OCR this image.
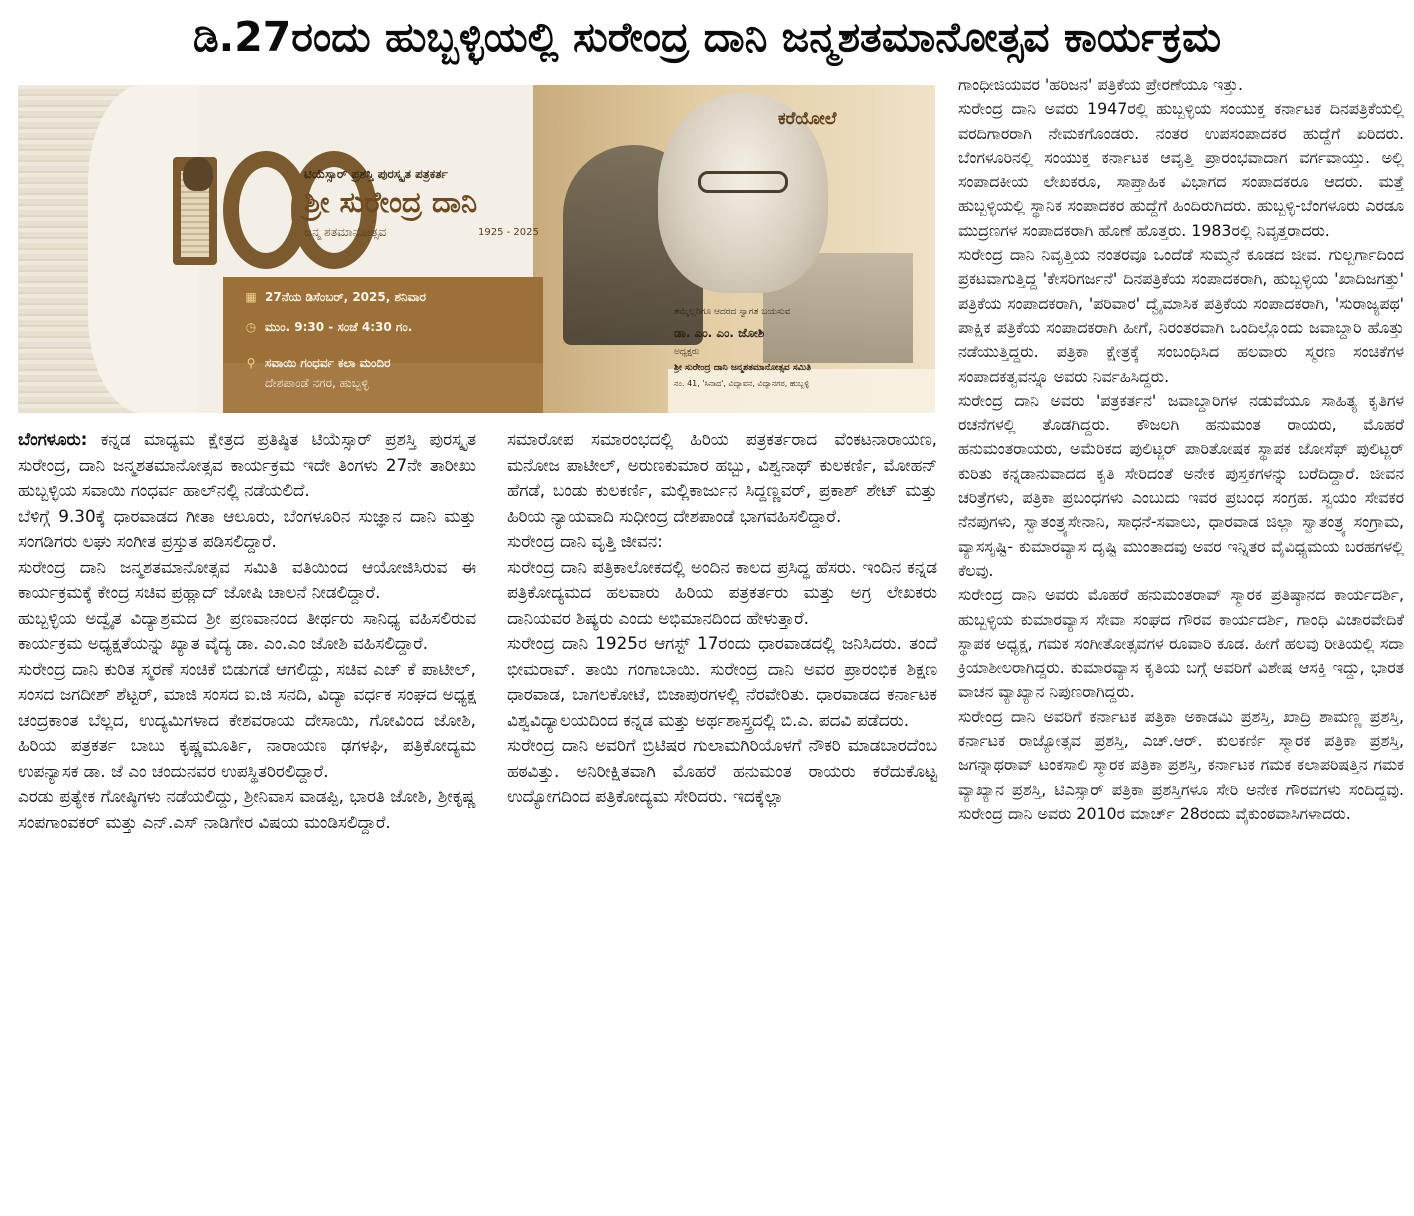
ಡಿ.27ರಂದು ಹುಬ್ಬಳ್ಳಿಯಲ್ಲಿ ಸುರೇಂದ್ರ ದಾನಿ ಜನ್ಮಶತಮಾನೋತ್ಸವ ಕಾರ್ಯಕ್ರಮ
ಟಿಯೆಸ್ಸಾರ್ ಪ್ರಶಸ್ತಿ ಪುರಸ್ಕೃತ ಪತ್ರಕರ್ತ
ಶ್ರೀ ಸುರೇಂದ್ರ ದಾನಿ
ಜನ್ಮ ಶತಮಾನೋತ್ಸವ	1925 - 2025
▦ 27ನೆಯ ಡಿಸೆಂಬರ್, 2025, ಶನಿವಾರ
◷ ಮುಂ. 9:30 - ಸಂಜೆ 4:30 ಗಂ.
⚲ ಸವಾಯಿ ಗಂಧರ್ವ ಕಲಾ ಮಂದಿರ
ದೇಶಪಾಂಡೆ ನಗರ, ಹುಬ್ಬಳ್ಳಿ
ಕರೆಯೋಲೆ
ತಮ್ಮೆಲ್ಲರಿಗೂ ಆದರದ ಸ್ವಾಗತ ಬಯಸುವ
ಡಾ. ಎಂ. ಎಂ. ಜೋಶಿ
ಅಧ್ಯಕ್ಷರು
ಶ್ರೀ ಸುರೇಂದ್ರ ದಾನಿ ಜನ್ಮಶತಮಾನೋತ್ಸವ ಸಮಿತಿ
ನಂ. 41, 'ಸಿನಾದ', ವಿದ್ಯಾವನ, ವಿದ್ಯಾನಗರ, ಹುಬ್ಬಳ್ಳಿ

ಬೆಂಗಳೂರು: ಕನ್ನಡ ಮಾಧ್ಯಮ ಕ್ಷೇತ್ರದ ಪ್ರತಿಷ್ಠಿತ ಟಿಯೆಸ್ಸಾರ್ ಪ್ರಶಸ್ತಿ ಪುರಸ್ಕೃತ ಸುರೇಂದ್ರ, ದಾನಿ ಜನ್ಮಶತಮಾನೋತ್ಸವ ಕಾರ್ಯಕ್ರಮ ಇದೇ ತಿಂಗಳು 27ನೇ ತಾರೀಖು ಹುಬ್ಬಳ್ಳಿಯ ಸವಾಯಿ ಗಂಧರ್ವ ಹಾಲ್‌ನಲ್ಲಿ ನಡೆಯಲಿದೆ.

ಬೆಳಿಗ್ಗೆ 9.30ಕ್ಕೆ ಧಾರವಾಡದ ಗೀತಾ ಆಲೂರು, ಬೆಂಗಳೂರಿನ ಸುಜ್ಞಾನ ದಾನಿ ಮತ್ತು ಸಂಗಡಿಗರು ಲಘು ಸಂಗೀತ ಪ್ರಸ್ತುತ ಪಡಿಸಲಿದ್ದಾರೆ.

ಸುರೇಂದ್ರ ದಾನಿ ಜನ್ಮಶತಮಾನೋತ್ಸವ ಸಮಿತಿ ವತಿಯಿಂದ ಆಯೋಜಿಸಿರುವ ಈ ಕಾರ್ಯಕ್ರಮಕ್ಕೆ ಕೇಂದ್ರ ಸಚಿವ ಪ್ರಹ್ಲಾದ್ ಜೋಷಿ ಚಾಲನೆ ನೀಡಲಿದ್ದಾರೆ.

ಹುಬ್ಬಳ್ಳಿಯ ಅದ್ವೈತ ವಿದ್ಯಾಶ್ರಮದ ಶ್ರೀ ಪ್ರಣವಾನಂದ ತೀರ್ಥರು ಸಾನಿಧ್ಯ ವಹಿಸಲಿರುವ ಕಾರ್ಯಕ್ರಮ ಅಧ್ಯಕ್ಷತೆಯನ್ನು ಖ್ಯಾತ ವೈದ್ಯ ಡಾ. ಎಂ.ಎಂ ಜೋಶಿ ವಹಿಸಲಿದ್ದಾರೆ.

ಸುರೇಂದ್ರ ದಾನಿ ಕುರಿತ ಸ್ಮರಣೆ ಸಂಚಿಕೆ ಬಿಡುಗಡೆ ಆಗಲಿದ್ದು, ಸಚಿವ ಎಚ್ ಕೆ ಪಾಟೀಲ್, ಸಂಸದ ಜಗದೀಶ್ ಶೆಟ್ಟರ್, ಮಾಜಿ ಸಂಸದ ಐ.ಜಿ ಸನದಿ, ವಿದ್ಯಾ ವರ್ಧಕ ಸಂಘದ ಅಧ್ಯಕ್ಷ ಚಂದ್ರಕಾಂತ ಬೆಲ್ಲದ, ಉದ್ಯಮಿಗಳಾದ ಕೇಶವರಾಯ ದೇಸಾಯಿ, ಗೋವಿಂದ ಜೋಶಿ, ಹಿರಿಯ ಪತ್ರಕರ್ತ ಬಾಬು ಕೃಷ್ಣಮೂರ್ತಿ, ನಾರಾಯಣ ಢಗಳಘಿ, ಪತ್ರಿಕೋದ್ಯಮ ಉಪನ್ಯಾಸಕ ಡಾ. ಜೆ ಎಂ ಚಂದುನವರ ಉಪಸ್ಥಿತರಿರಲಿದ್ದಾರೆ.

ಎರಡು ಪ್ರತ್ಯೇಕ ಗೋಷ್ಠಿಗಳು ನಡೆಯಲಿದ್ದು, ಶ್ರೀನಿವಾಸ ವಾಡಪ್ಪಿ, ಭಾರತಿ ಜೋಶಿ, ಶ್ರೀಕೃಷ್ಣ ಸಂಪಗಾಂವಕರ್ ಮತ್ತು ಎನ್.ಎಸ್ ನಾಡಿಗೇರ ವಿಷಯ ಮಂಡಿಸಲಿದ್ದಾರೆ.

ಸಮಾರೋಪ ಸಮಾರಂಭದಲ್ಲಿ ಹಿರಿಯ ಪತ್ರಕರ್ತರಾದ ವೆಂಕಟನಾರಾಯಣ, ಮನೋಜ ಪಾಟೀಲ್, ಅರುಣಕುಮಾರ ಹಬ್ಬು, ವಿಶ್ವನಾಥ್ ಕುಲಕರ್ಣಿ, ಮೋಹನ್ ಹೆಗಡೆ, ಬಂಡು ಕುಲಕರ್ಣಿ, ಮಲ್ಲಿಕಾರ್ಜುನ ಸಿದ್ದಣ್ಣವರ್, ಪ್ರಕಾಶ್ ಶೇಟ್ ಮತ್ತು ಹಿರಿಯ ನ್ಯಾಯವಾದಿ ಸುಧೀಂದ್ರ ದೇಶಪಾಂಡೆ ಭಾಗವಹಿಸಲಿದ್ದಾರೆ.

ಸುರೇಂದ್ರ ದಾನಿ ವೃತ್ತಿ ಜೀವನ:

ಸುರೇಂದ್ರ ದಾನಿ ಪತ್ರಿಕಾಲೋಕದಲ್ಲಿ ಅಂದಿನ ಕಾಲದ ಪ್ರಸಿದ್ಧ ಹೆಸರು. ಇಂದಿನ ಕನ್ನಡ ಪತ್ರಿಕೋದ್ಯಮದ ಹಲವಾರು ಹಿರಿಯ ಪತ್ರಕರ್ತರು ಮತ್ತು ಅಗ್ರ ಲೇಖಕರು ದಾನಿಯವರ ಶಿಷ್ಯರು ಎಂದು ಅಭಿಮಾನದಿಂದ ಹೇಳುತ್ತಾರೆ.

ಸುರೇಂದ್ರ ದಾನಿ 1925ರ ಆಗಸ್ಟ್ 17ರಂದು ಧಾರವಾಡದಲ್ಲಿ ಜನಿಸಿದರು. ತಂದೆ ಭೀಮರಾವ್. ತಾಯಿ ಗಂಗಾಬಾಯಿ. ಸುರೇಂದ್ರ ದಾನಿ ಅವರ ಪ್ರಾರಂಭಿಕ ಶಿಕ್ಷಣ ಧಾರವಾಡ, ಬಾಗಲಕೋಟೆ, ಬಿಜಾಪುರಗಳಲ್ಲಿ ನೆರವೇರಿತು. ಧಾರವಾಡದ ಕರ್ನಾಟಕ ವಿಶ್ವವಿದ್ಯಾಲಯದಿಂದ ಕನ್ನಡ ಮತ್ತು ಅರ್ಥಶಾಸ್ತ್ರದಲ್ಲಿ ಬಿ.ಎ. ಪದವಿ ಪಡೆದರು.

ಸುರೇಂದ್ರ ದಾನಿ ಅವರಿಗೆ ಬ್ರಿಟಿಷರ ಗುಲಾಮಗಿರಿಯೊಳಗೆ ನೌಕರಿ ಮಾಡಬಾರದೆಂಬ ಹಠವಿತ್ತು. ಅನಿರೀಕ್ಷಿತವಾಗಿ ಮೊಹರೆ ಹನುಮಂತ ರಾಯರು ಕರೆದುಕೊಟ್ಟ ಉದ್ಯೋಗದಿಂದ ಪತ್ರಿಕೋದ್ಯಮ ಸೇರಿದರು. ಇದಕ್ಕೆಲ್ಲಾ

ಗಾಂಧೀಜಿಯವರ 'ಹರಿಜನ' ಪತ್ರಿಕೆಯ ಪ್ರೇರಣೆಯೂ ಇತ್ತು.

ಸುರೇಂದ್ರ ದಾನಿ ಅವರು 1947ರಲ್ಲಿ ಹುಬ್ಬಳ್ಳಿಯ ಸಂಯುಕ್ತ ಕರ್ನಾಟಕ ದಿನಪತ್ರಿಕೆಯಲ್ಲಿ ವರದಿಗಾರರಾಗಿ ನೇಮಕಗೊಂಡರು. ನಂತರ ಉಪಸಂಪಾದಕರ ಹುದ್ದೆಗೆ ಏರಿದರು. ಬೆಂಗಳೂರಿನಲ್ಲಿ ಸಂಯುಕ್ತ ಕರ್ನಾಟಕ ಆವೃತ್ತಿ ಪ್ರಾರಂಭವಾದಾಗ ವರ್ಗವಾಯ್ತು. ಅಲ್ಲಿ ಸಂಪಾದಕೀಯ ಲೇಖಕರೂ, ಸಾಪ್ತಾಹಿಕ ವಿಭಾಗದ ಸಂಪಾದಕರೂ ಆದರು. ಮತ್ತೆ ಹುಬ್ಬಳ್ಳಿಯಲ್ಲಿ ಸ್ಥಾನಿಕ ಸಂಪಾದಕರ ಹುದ್ದೆಗೆ ಹಿಂದಿರುಗಿದರು. ಹುಬ್ಬಳ್ಳಿ-ಬೆಂಗಳೂರು ಎರಡೂ ಮುದ್ರಣಗಳ ಸಂಪಾದಕರಾಗಿ ಹೊಣೆ ಹೊತ್ತರು. 1983ರಲ್ಲಿ ನಿವೃತ್ತರಾದರು.

ಸುರೇಂದ್ರ ದಾನಿ ನಿವೃತ್ತಿಯ ನಂತರವೂ ಒಂದೆಡೆ ಸುಮ್ಮನೆ ಕೂಡದ ಜೀವ. ಗುಲ್ಬರ್ಗಾದಿಂದ ಪ್ರಕಟವಾಗುತ್ತಿದ್ದ 'ಕೇಸರಿಗರ್ಜನೆ' ದಿನಪತ್ರಿಕೆಯ ಸಂಪಾದಕರಾಗಿ, ಹುಬ್ಬಳ್ಳಿಯ 'ಖಾದಿಜಗತ್ತು' ಪತ್ರಿಕೆಯ ಸಂಪಾದಕರಾಗಿ, 'ಪರಿವಾರ' ದ್ವೈಮಾಸಿಕ ಪತ್ರಿಕೆಯ ಸಂಪಾದಕರಾಗಿ, 'ಸುರಾಜ್ಯಪಥ' ಪಾಕ್ಷಿಕ ಪತ್ರಿಕೆಯ ಸಂಪಾದಕರಾಗಿ ಹೀಗೆ, ನಿರಂತರವಾಗಿ ಒಂದಿಲ್ಲೊಂದು ಜವಾಬ್ದಾರಿ ಹೊತ್ತು ನಡೆಯುತ್ತಿದ್ದರು. ಪತ್ರಿಕಾ ಕ್ಷೇತ್ರಕ್ಕೆ ಸಂಬಂಧಿಸಿದ ಹಲವಾರು ಸ್ಮರಣ ಸಂಚಿಕೆಗಳ ಸಂಪಾದಕತ್ವವನ್ನೂ ಅವರು ನಿರ್ವಹಿಸಿದ್ದರು.

ಸುರೇಂದ್ರ ದಾನಿ ಅವರು 'ಪತ್ರಕರ್ತನ' ಜವಾಬ್ದಾರಿಗಳ ನಡುವೆಯೂ ಸಾಹಿತ್ಯ ಕೃತಿಗಳ ರಚನೆಗಳಲ್ಲಿ ತೊಡಗಿದ್ದರು. ಕೌಜಲಗಿ ಹನುಮಂತ ರಾಯರು, ಮೊಹರೆ ಹನುಮಂತರಾಯರು, ಅಮೆರಿಕದ ಪುಲಿಟ್ಜರ್ ಪಾರಿತೋಷಕ ಸ್ಥಾಪಕ ಜೋಸೆಫ್ ಪುಲಿಟ್ಜರ್ ಕುರಿತು ಕನ್ನಡಾನುವಾದದ ಕೃತಿ ಸೇರಿದಂತೆ ಅನೇಕ ಪುಸ್ತಕಗಳನ್ನು ಬರೆದಿದ್ದಾರೆ. ಜೀವನ ಚರಿತ್ರೆಗಳು, ಪತ್ರಿಕಾ ಪ್ರಬಂಧಗಳು ಎಂಬುದು ಇವರ ಪ್ರಬಂಧ ಸಂಗ್ರಹ. ಸ್ವಯಂ ಸೇವಕರ ನೆನಪುಗಳು, ಸ್ವಾತಂತ್ರ್ಯಸೇನಾನಿ, ಸಾಧನೆ-ಸವಾಲು, ಧಾರವಾಡ ಜಿಲ್ಲಾ ಸ್ವಾತಂತ್ರ್ಯ ಸಂಗ್ರಾಮ, ವ್ಯಾಸಸೃಷ್ಟಿ- ಕುಮಾರವ್ಯಾಸ ದೃಷ್ಟಿ ಮುಂತಾದವು ಅವರ ಇನ್ನಿತರ ವೈವಿಧ್ಯಮಯ ಬರಹಗಳಲ್ಲಿ ಕೆಲವು.

ಸುರೇಂದ್ರ ದಾನಿ ಅವರು ಮೊಹರೆ ಹನುಮಂತರಾವ್ ಸ್ಮಾರಕ ಪ್ರತಿಷ್ಠಾನದ ಕಾರ್ಯದರ್ಶಿ, ಹುಬ್ಬಳ್ಳಿಯ ಕುಮಾರವ್ಯಾಸ ಸೇವಾ ಸಂಘದ ಗೌರವ ಕಾರ್ಯದರ್ಶಿ, ಗಾಂಧಿ ವಿಚಾರವೇದಿಕೆ ಸ್ಥಾಪಕ ಅಧ್ಯಕ್ಷ, ಗಮಕ ಸಂಗೀತೋತ್ಸವಗಳ ರೂವಾರಿ ಕೂಡ. ಹೀಗೆ ಹಲವು ರೀತಿಯಲ್ಲಿ ಸದಾ ಕ್ರಿಯಾಶೀಲರಾಗಿದ್ದರು. ಕುಮಾರವ್ಯಾಸ ಕೃತಿಯ ಬಗ್ಗೆ ಅವರಿಗೆ ವಿಶೇಷ ಆಸಕ್ತಿ ಇದ್ದು, ಭಾರತ ವಾಚನ ವ್ಯಾಖ್ಯಾನ ನಿಪುಣರಾಗಿದ್ದರು.

ಸುರೇಂದ್ರ ದಾನಿ ಅವರಿಗೆ ಕರ್ನಾಟಕ ಪತ್ರಿಕಾ ಅಕಾಡಮಿ ಪ್ರಶಸ್ತಿ, ಖಾದ್ರಿ ಶಾಮಣ್ಣ ಪ್ರಶಸ್ತಿ, ಕರ್ನಾಟಕ ರಾಜ್ಯೋತ್ಸವ ಪ್ರಶಸ್ತಿ, ಎಚ್.ಆರ್. ಕುಲಕರ್ಣಿ ಸ್ಮಾರಕ ಪತ್ರಿಕಾ ಪ್ರಶಸ್ತಿ, ಜಗನ್ನಾಥರಾವ್ ಟಂಕಸಾಲಿ ಸ್ಮಾರಕ ಪತ್ರಿಕಾ ಪ್ರಶಸ್ತಿ, ಕರ್ನಾಟಕ ಗಮಕ ಕಲಾಪರಿಷತ್ತಿನ ಗಮಕ ವ್ಯಾಖ್ಯಾನ ಪ್ರಶಸ್ತಿ, ಟಿಎಸ್ಸಾರ್ ಪತ್ರಿಕಾ ಪ್ರಶಸ್ತಿಗಳೂ ಸೇರಿ ಅನೇಕ ಗೌರವಗಳು ಸಂದಿದ್ದವು. ಸುರೇಂದ್ರ ದಾನಿ ಅವರು 2010ರ ಮಾರ್ಚ್ 28ರಂದು ವೈಕುಂಠವಾಸಿಗಳಾದರು.
